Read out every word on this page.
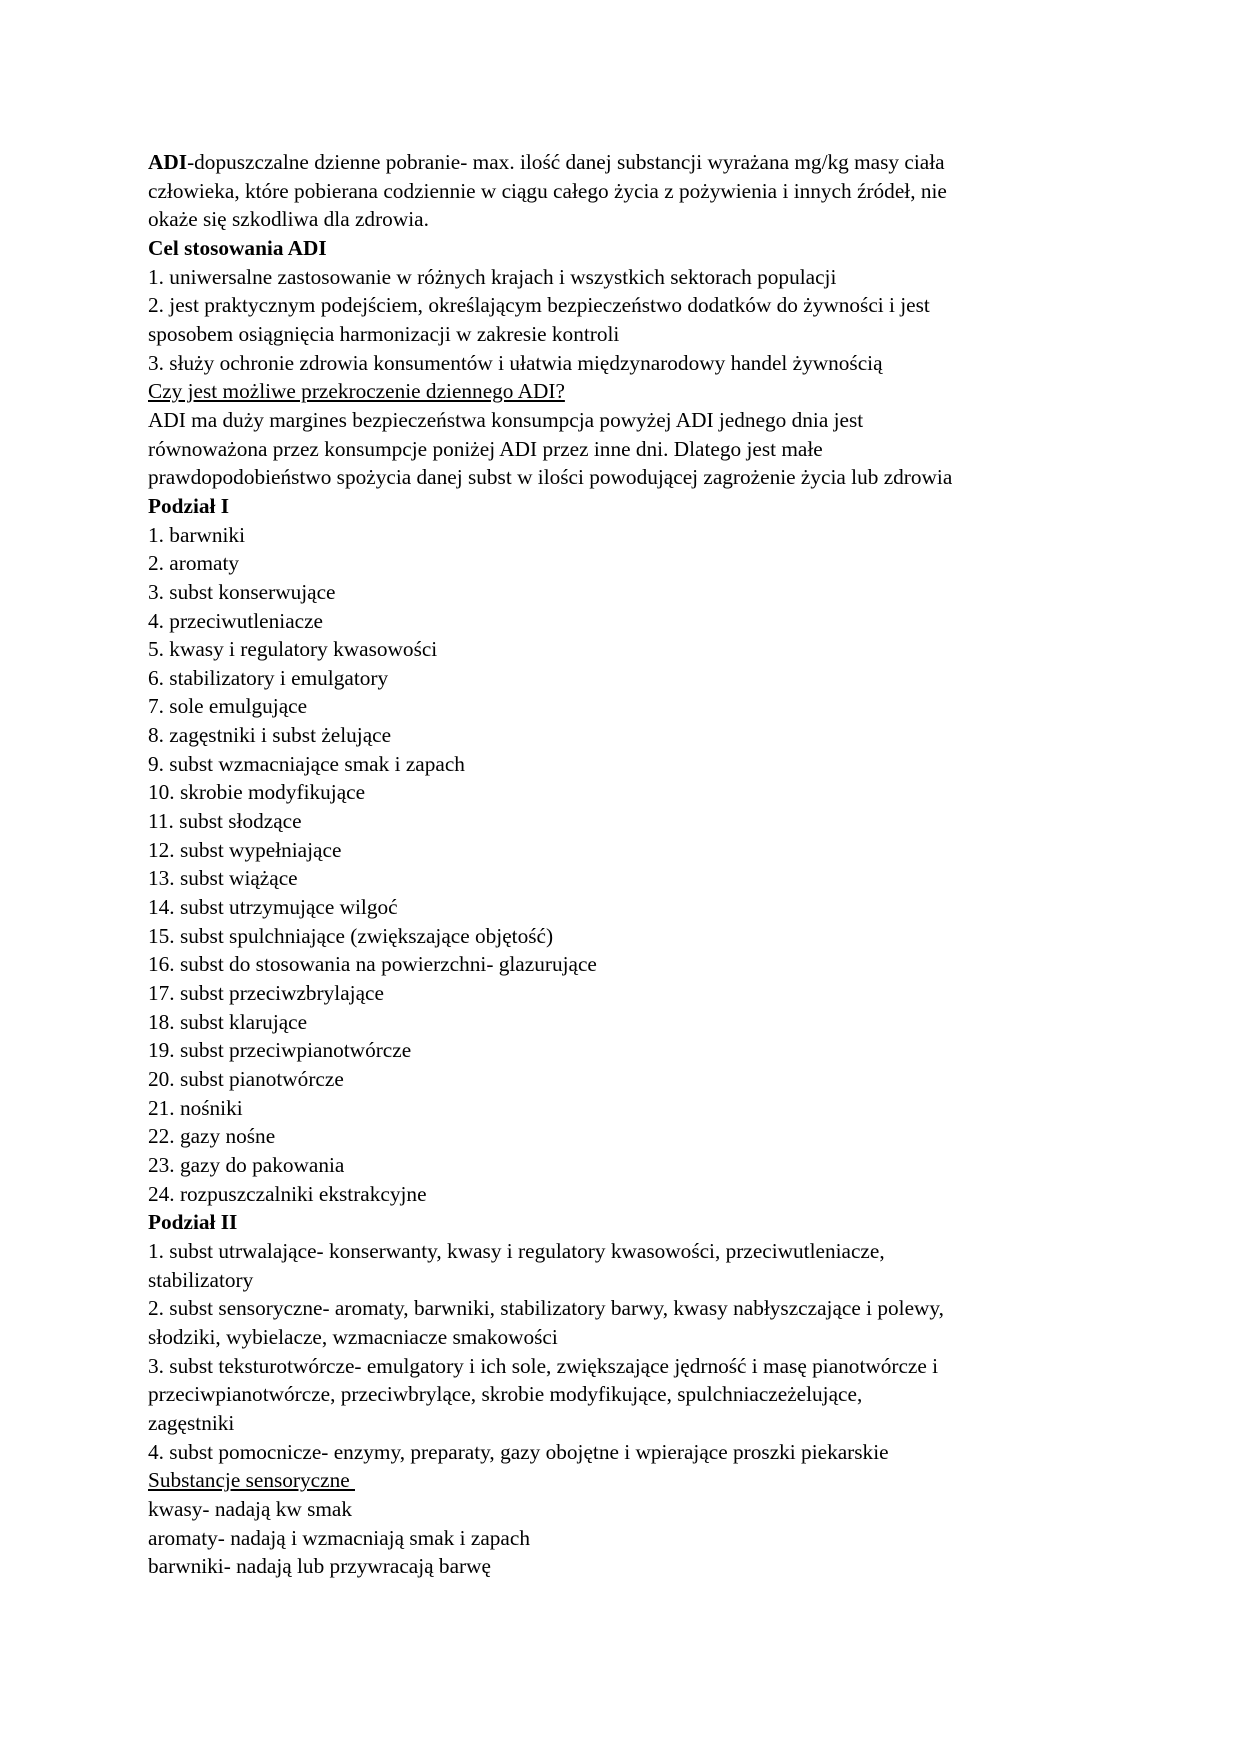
ADI-dopuszczalne dzienne pobranie- max. ilość danej substancji wyrażana mg/kg masy ciała
człowieka, które pobierana codziennie w ciągu całego życia z pożywienia i innych źródeł, nie
okaże się szkodliwa dla zdrowia.
Cel stosowania ADI
1. uniwersalne zastosowanie w różnych krajach i wszystkich sektorach populacji
2. jest praktycznym podejściem, określającym bezpieczeństwo dodatków do żywności i jest
sposobem osiągnięcia harmonizacji w zakresie kontroli
3. służy ochronie zdrowia konsumentów i ułatwia międzynarodowy handel żywnością
Czy jest możliwe przekroczenie dziennego ADI?
ADI ma duży margines bezpieczeństwa konsumpcja powyżej ADI jednego dnia jest
równoważona przez konsumpcje poniżej ADI przez inne dni. Dlatego jest małe
prawdopodobieństwo spożycia danej subst w ilości powodującej zagrożenie życia lub zdrowia
Podział I
1. barwniki
2. aromaty
3. subst konserwujące
4. przeciwutleniacze
5. kwasy i regulatory kwasowości
6. stabilizatory i emulgatory
7. sole emulgujące
8. zagęstniki i subst żelujące
9. subst wzmacniające smak i zapach
10. skrobie modyfikujące
11. subst słodzące
12. subst wypełniające
13. subst wiążące
14. subst utrzymujące wilgoć
15. subst spulchniające (zwiększające objętość)
16. subst do stosowania na powierzchni- glazurujące
17. subst przeciwzbrylające
18. subst klarujące
19. subst przeciwpianotwórcze
20. subst pianotwórcze
21. nośniki
22. gazy nośne
23. gazy do pakowania
24. rozpuszczalniki ekstrakcyjne
Podział II
1. subst utrwalające- konserwanty, kwasy i regulatory kwasowości, przeciwutleniacze,
stabilizatory
2. subst sensoryczne- aromaty, barwniki, stabilizatory barwy, kwasy nabłyszczające i polewy,
słodziki, wybielacze, wzmacniacze smakowości
3. subst teksturotwórcze- emulgatory i ich sole, zwiększające jędrność i masę pianotwórcze i
przeciwpianotwórcze, przeciwbrylące, skrobie modyfikujące, spulchniaczeżelujące,
zagęstniki
4. subst pomocnicze- enzymy, preparaty, gazy obojętne i wpierające proszki piekarskie
Substancje sensoryczne
kwasy- nadają kw smak
aromaty- nadają i wzmacniają smak i zapach
barwniki- nadają lub przywracają barwę
